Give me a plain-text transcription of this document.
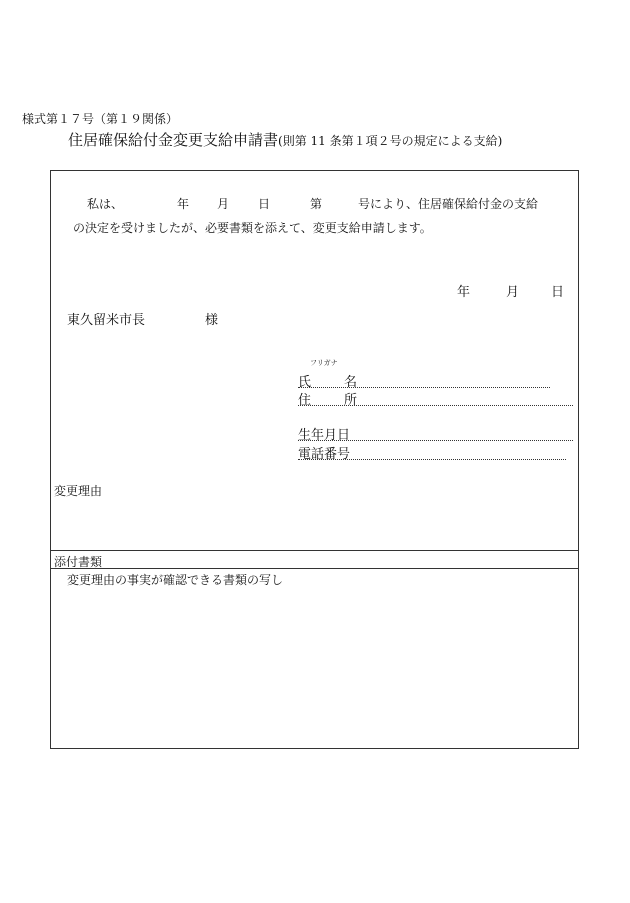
様式第１７号（第１９関係）
住居確保給付金変更支給申請書(則第 11 条第１項２号の規定による支給)
私は、	年 月 日	第	号により、住居確保給付金の支給
の決定を受けましたが、必要書類を添えて、変更支給申請します。
年	月 日
東久留米市長	様
フリガナ
氏	名
住	所
生年月日
電話番号
変更理由
添付書類
変更理由の事実が確認できる書類の写し
